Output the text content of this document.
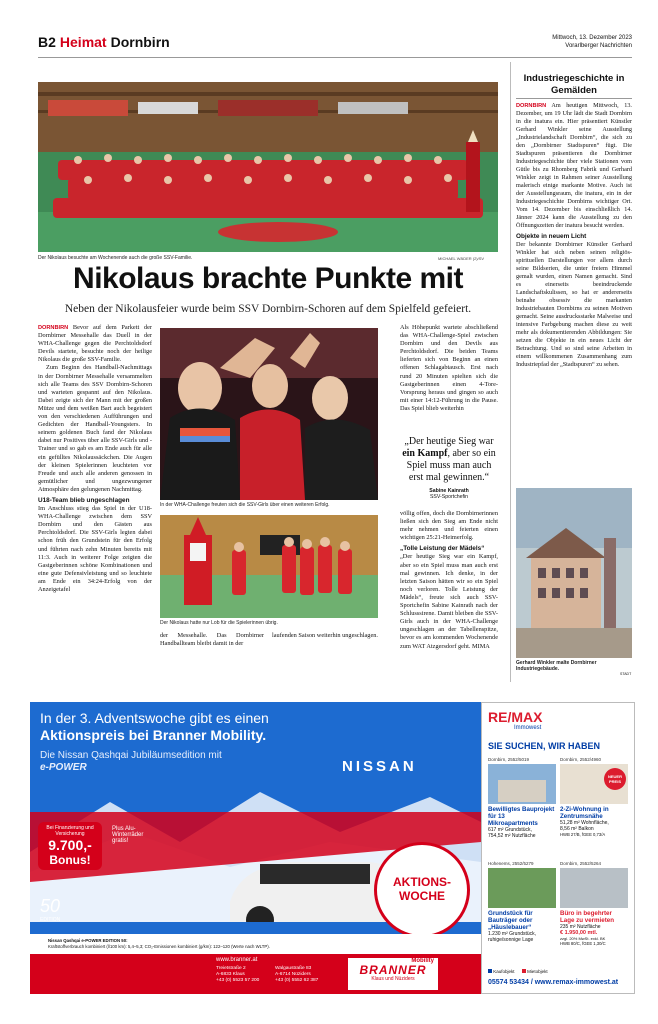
B2 Heimat Dornbirn	Mittwoch, 13. Dezember 2023
Vorarlberger Nachrichten
Der Nikolaus besuchte am Wochenende auch die große SSV-Familie.	MICHAEL WÄDER (2)/SV
Nikolaus brachte Punkte mit
Neben der Nikolausfeier wurde beim SSV Dornbirn-Schoren auf dem Spielfeld gefeiert.

DORNBIRN Bevor auf dem Parkett der Dornbirner Messehalle das Duell in der WHA-Challenge gegen die Perchtoldsdorf Devils startete, besuchte noch der heilige Nikolaus die große SSV-Familie.

Zum Beginn des Handball-Nachmittags in der Dornbirner Messehalle versammelten sich alle Teams des SSV Dornbirn-Schoren und warteten gespannt auf den Nikolaus. Dabei zeigte sich der Mann mit der großen Mütze und dem weißen Bart auch begeistert von den verschiedenen Aufführungen und Gedichten der Handball-Youngsters. In seinem goldenen Buch fand der Nikolaus dabei nur Positives über alle SSV-Girls und -Trainer und so gab es am Ende auch für alle ein gefülltes Nikolaussäckchen. Die Augen der kleinen Spielerinnen leuchteten vor Freude und auch alle anderen genossen in gemütlicher und ungezwungener Atmosphäre den gelungenen Nachmittag.

U18-Team blieb ungeschlagen

Im Anschluss stieg das Spiel in der U18-WHA-Challenge zwischen dem SSV Dornbirn und den Gästen aus Perchtoldsdorf. Die SSV-Girls legten dabei schon früh den Grundstein für den Erfolg und führten nach zehn Minuten bereits mit 11:3. Auch in weiterer Folge zeigten die Gastgeberinnen schöne Kombinationen und eine gute Defensivleistung und so leuchtete am Ende ein 34:24-Erfolg von der Anzeigetafel

In der WHA-Challenge freuten sich die SSV-Girls über einen weiteren Erfolg.
Der Nikolaus hatte nur Lob für die Spielerinnen übrig.

der Messehalle. Das Dornbirner Handballteam bleibt damit in der

laufenden Saison weiterhin ungeschlagen.

Als Höhepunkt wartete abschließend das WHA-Challenge-Spiel zwischen Dornbirn und den Devils aus Perchtoldsdorf. Die beiden Teams lieferten sich von Beginn an einen offenen Schlagabtausch. Erst nach rund 20 Minuten spielten sich die Gastgeberinnen einen 4-Tore-Vorsprung heraus und gingen so auch mit einer 14:12-Führung in die Pause. Das Spiel blieb weiterhin

„Der heutige Sieg war ein Kampf, aber so ein Spiel muss man auch erst mal gewinnen.“
Sabine Kainrath
SSV-Sportchefin

völlig offen, doch die Dornbirnerinnen ließen sich den Sieg am Ende nicht mehr nehmen und feierten einen wichtigen 25:21-Heimerfolg.

„Tolle Leistung der Mädels“

„Der heutige Sieg war ein Kampf, aber so ein Spiel muss man auch erst mal gewinnen. Ich denke, in der letzten Saison hätten wir so ein Spiel noch verloren. Tolle Leistung der Mädels“, freute sich auch SSV-Sportchefin Sabine Kainrath nach der Schlusssirene. Damit bleiben die SSV-Girls auch in der WHA-Challenge ungeschlagen an der Tabellenspitze, bevor es am kommenden Wochenende zum WAT Atzgersdorf geht. MIMA

Industriegeschichte in Gemälden

DORNBIRN Am heutigen Mittwoch, 13. Dezember, um 19 Uhr lädt die Stadt Dornbirn in die inatura ein. Hier präsentiert Künstler Gerhard Winkler seine Ausstellung „Industrielandschaft Dornbirn“, die sich zu den „Dornbirner Stadtspuren“ fügt. Die Stadtspuren präsentieren die Dornbirner Industriegeschichte über viele Stationen vom Gütle bis zu Rhomberg Fabrik und Gerhard Winkler zeigt in Rahmen seiner Ausstellung malerisch einige markante Motive. Auch ist der Ausstellungsraum, die inatura, ein in der Industriegeschichte Dornbirns wichtiger Ort. Vom 14. Dezember bis einschließlich 14. Jänner 2024 kann die Ausstellung zu den Öffnungszeiten der inatura besucht werden.

Objekte in neuem Licht

Der bekannte Dornbirner Künstler Gerhard Winkler hat sich neben seinen religiös-spirituellen Darstellungen vor allem durch seine Bildserien, die unter freiem Himmel gemalt wurden, einen Namen gemacht. Sind es einerseits beeindruckende Landschaftskulissen, so hat er andererseits beinahe obsessiv die markanten Industriebauten Dornbirns zu seinen Motiven gemacht. Seine ausdrucksstarke Malweise und intensive Farbgebung machen diese zu weit mehr als dokumentierenden Abbildungen: Sie setzen die Objekte in ein neues Licht der Betrachtung. Und so sind seine Arbeiten in einem willkommenen Zusammenhang zum Industriepfad der „Stadtspuren“ zu sehen.

Gerhard Winkler malte Dornbirner Industriegebäude.
STADT
In der 3. Adventswoche gibt es einen
Aktionspreis bei Branner Mobility.
Die Nissan Qashqai Jubiläumsedition mit
e-POWER	NISSAN
Bei Finanzierung und Versicherung
9.700,-
Bonus!
Plus Alu-Winterräder gratis!
AKTIONS-
WOCHE
50
EDITION
Nissan Qashqai e-POWER EDITION 50:
Kraftstoffverbrauch kombiniert (l/100 km): 5,4–5,3; CO₂-Emissionen kombiniert (g/km): 122–120 (Werte nach WLTP).
www.branner.at
Treietstraße 2
A-6833 Klaus
+43 (0) 5523 57 200
Walgaustraße 83
A-6714 Nüziders
+43 (0) 5552 62 387
Mobility
BRANNER
Klaus und Nüziders
RE/MAX
Immowest
SIE SUCHEN, WIR HABEN
Dornbirn, 2552/5019
Bewilligtes Bauprojekt für 13 Mikroapartments
617 m² Grundstück,
754,52 m² Nutzfläche
Dornbirn, 2552/4960
NEUER PREIS
2-Zi-Wohnung in Zentrumsnähe
51,28 m² Wohnfläche,
8,56 m² Balkon
HWB 27/B, fGEE 0,73/A
Hohenems, 2552/5279
Grundstück für Bauträger oder „Häuslebauer“
1.230 m² Grundstück,
ruhige/sonnige Lage
Dornbirn, 2552/5264
Büro in begehrter Lage zu vermieten
235 m² Nutzfläche
€ 1.950,00 mtl.
zzgl. 20% MwSt. exkl. BK
HWB 80/C, fGEE 1,30/C
Kaufobjekt	Mietobjekt
05574 53434 / www.remax-immowest.at
